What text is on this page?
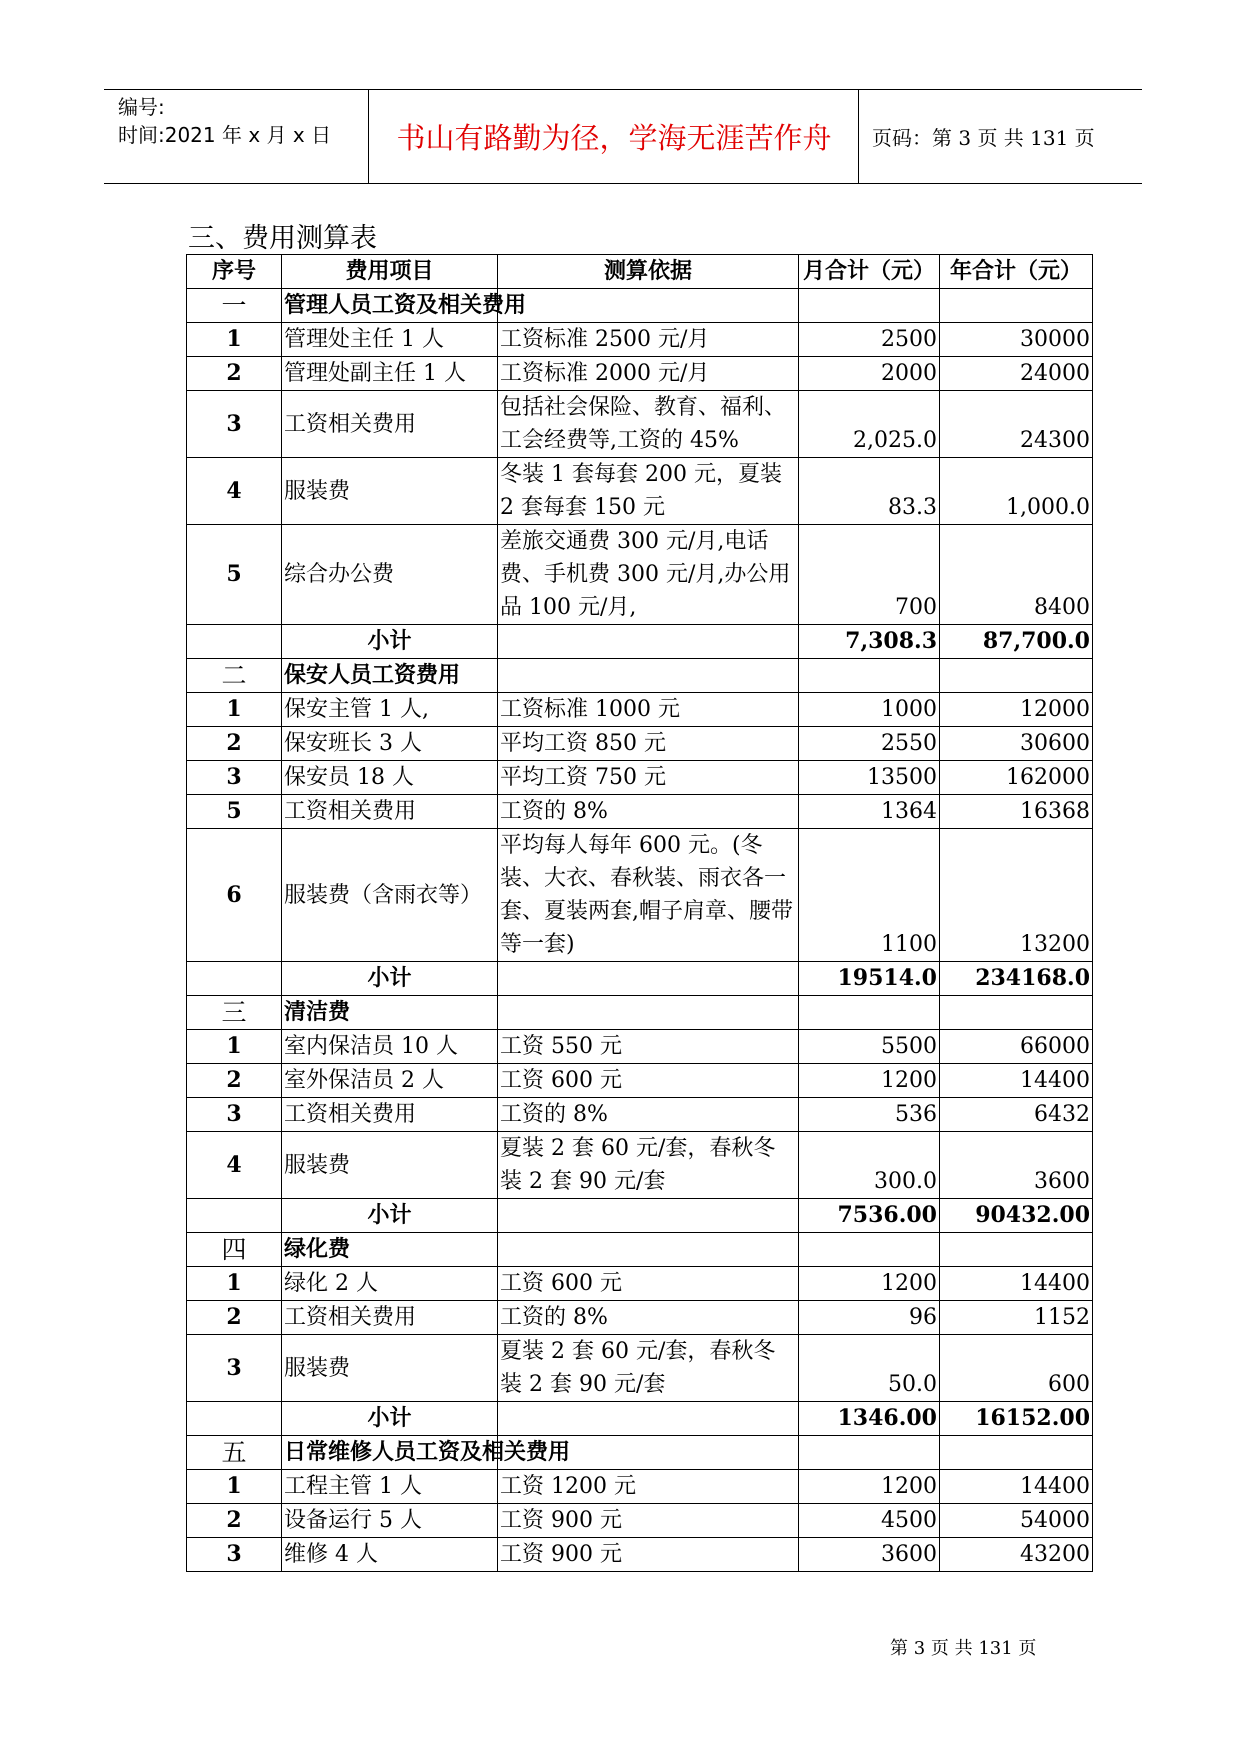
编号:
时间:2021 年 x 月 x 日	书山有路勤为径，学海无涯苦作舟	页码：第 3 页 共 131 页
三、费用测算表
序号	费用项目	测算依据	月合计（元）	年合计（元）
一	管理人员工资及相关费用			
1	管理处主任 1 人	工资标准 2500 元/月	2500	30000
2	管理处副主任 1 人	工资标准 2000 元/月	2000	24000
3	工资相关费用	包括社会保险、教育、福利、工会经费等,工资的 45%	2,025.0	24300
4	服装费	冬装 1 套每套 200 元，夏装 2 套每套 150 元	83.3	1,000.0
5	综合办公费	差旅交通费 300 元/月,电话费、手机费 300 元/月,办公用品 100 元/月,	700	8400
	小计		7,308.3	87,700.0
二	保安人员工资费用			
1	保安主管 1 人,	工资标准 1000 元	1000	12000
2	保安班长 3 人	平均工资 850 元	2550	30600
3	保安员 18 人	平均工资 750 元	13500	162000
5	工资相关费用	工资的 8%	1364	16368
6	服装费（含雨衣等）	平均每人每年 600 元。(冬装、大衣、春秋装、雨衣各一套、夏装两套,帽子肩章、腰带等一套)	1100	13200
	小计		19514.0	234168.0
三	清洁费			
1	室内保洁员 10 人	工资 550 元	5500	66000
2	室外保洁员 2 人	工资 600 元	1200	14400
3	工资相关费用	工资的 8%	536	6432
4	服装费	夏装 2 套 60 元/套，春秋冬装 2 套 90 元/套	300.0	3600
	小计		7536.00	90432.00
四	绿化费			
1	绿化 2 人	工资 600 元	1200	14400
2	工资相关费用	工资的 8%	96	1152
3	服装费	夏装 2 套 60 元/套，春秋冬装 2 套 90 元/套	50.0	600
	小计		1346.00	16152.00
五	日常维修人员工资及相关费用			
1	工程主管 1 人	工资 1200 元	1200	14400
2	设备运行 5 人	工资 900 元	4500	54000
3	维修 4 人	工资 900 元	3600	43200
第 3 页 共 131 页
